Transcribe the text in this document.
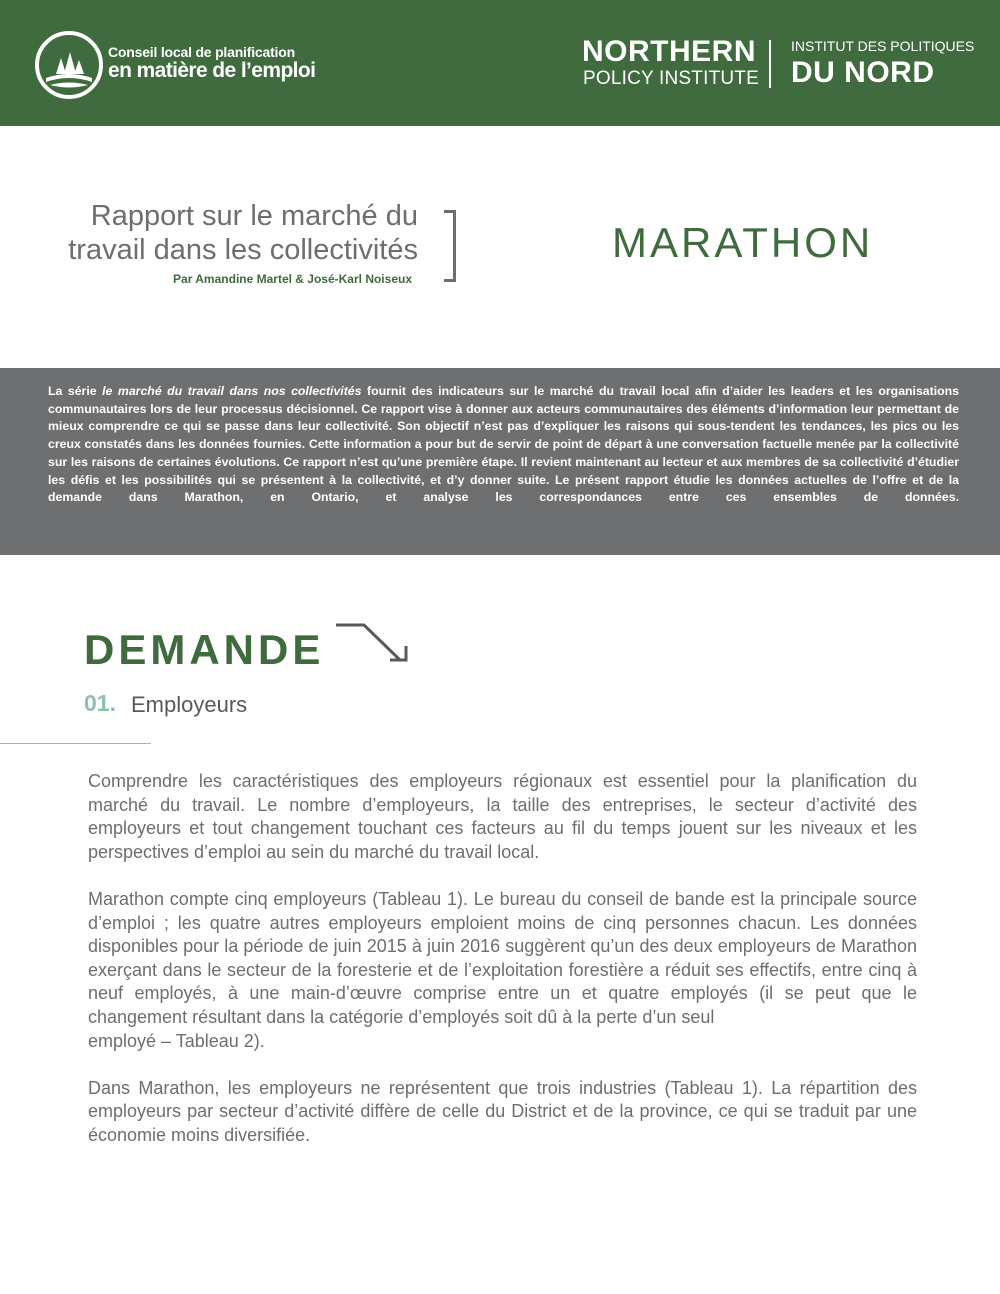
Conseil local de planification
en matière de l’emploi
NORTHERN
POLICY INSTITUTE
INSTITUT DES POLITIQUES
DU NORD
Rapport sur le marché du
travail dans les collectivités
Par Amandine Martel & José-Karl Noiseux
MARATHON
La série le marché du travail dans nos collectivités fournit des indicateurs sur le marché du travail local afin d’aider les leaders et les organisations communautaires lors de leur processus décisionnel. Ce rapport vise à donner aux acteurs communautaires des éléments d’information leur permettant de mieux comprendre ce qui se passe dans leur collectivité. Son objectif n’est pas d’expliquer les raisons qui sous-tendent les tendances, les pics ou les creux constatés dans les données fournies. Cette information a pour but de servir de point de départ à une conversation factuelle menée par la collectivité sur les raisons de certaines évolutions. Ce rapport n’est qu’une première étape. Il revient maintenant au lecteur et aux membres de sa collectivité d’étudier les défis et les possibilités qui se présentent à la collectivité, et d’y donner suite. Le présent rapport étudie les données actuelles de l’offre et de la demande dans Marathon, en Ontario, et analyse les correspondances entre ces ensembles de données.
DEMANDE
01. Employeurs

Comprendre les caractéristiques des employeurs régionaux est essentiel pour la planification du marché du travail. Le nombre d’employeurs, la taille des entreprises, le secteur d’activité des employeurs et tout changement touchant ces facteurs au fil du temps jouent sur les niveaux et les perspectives d’emploi au sein du marché du travail local.

Marathon compte cinq employeurs (Tableau 1). Le bureau du conseil de bande est la principale source d’emploi ; les quatre autres employeurs emploient moins de cinq personnes chacun. Les données disponibles pour la période de juin 2015 à juin 2016 suggèrent qu’un des deux employeurs de Marathon exerçant dans le secteur de la foresterie et de l’exploitation forestière a réduit ses effectifs, entre cinq à neuf employés, à une main-d’œuvre comprise entre un et quatre employés (il se peut que le changement résultant dans la catégorie d’employés soit dû à la perte d’un seul

employé – Tableau 2).

Dans Marathon, les employeurs ne représentent que trois industries (Tableau 1). La répartition des employeurs par secteur d’activité diffère de celle du District et de la province, ce qui se traduit par une économie moins diversifiée.
